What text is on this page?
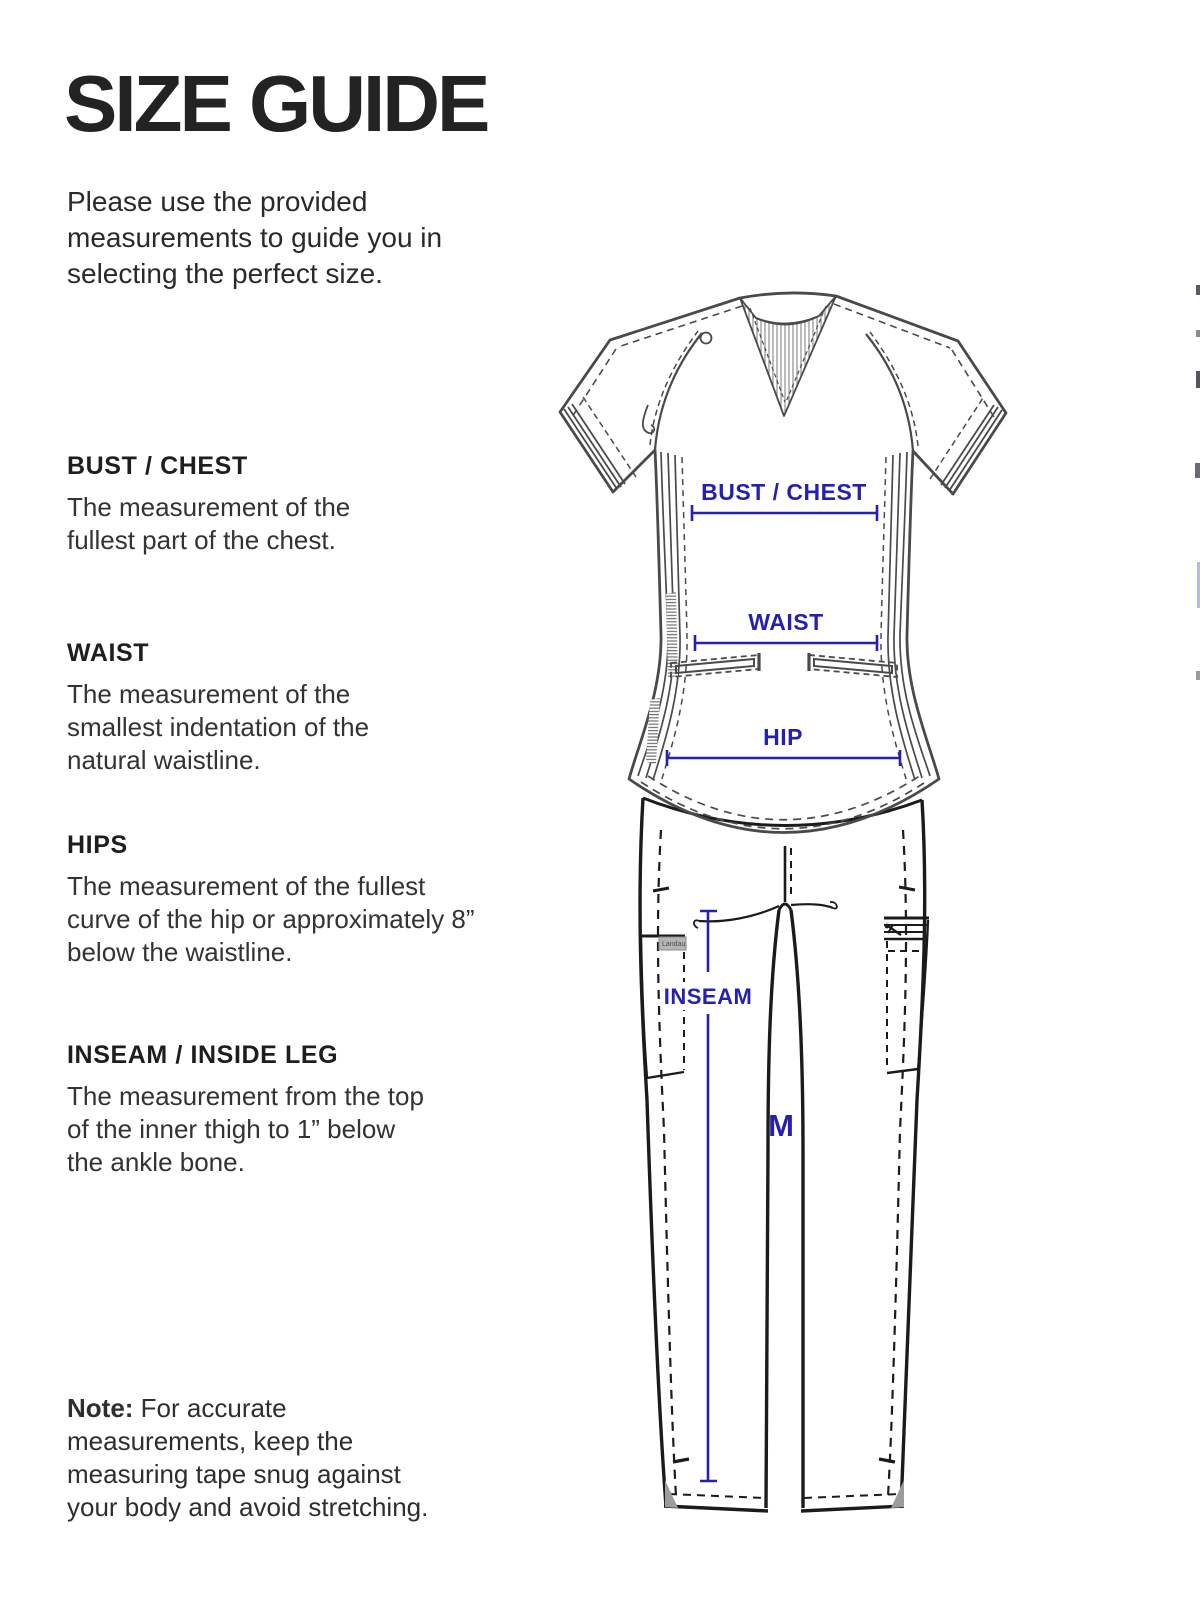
SIZE GUIDE
Please use the provided measurements to guide you in selecting the perfect size.
BUST / CHEST
The measurement of the fullest part of the chest.
WAIST
The measurement of the smallest indentation of the natural waistline.
HIPS
The measurement of the fullest curve of the hip or approximately 8” below the waistline.
INSEAM / INSIDE LEG
The measurement from the top of the inner thigh to 1” below the ankle bone.
Note: For accurate measurements, keep the measuring tape snug against your body and avoid stretching.
Landau
BUST / CHEST
WAIST
HIP
INSEAM
M
